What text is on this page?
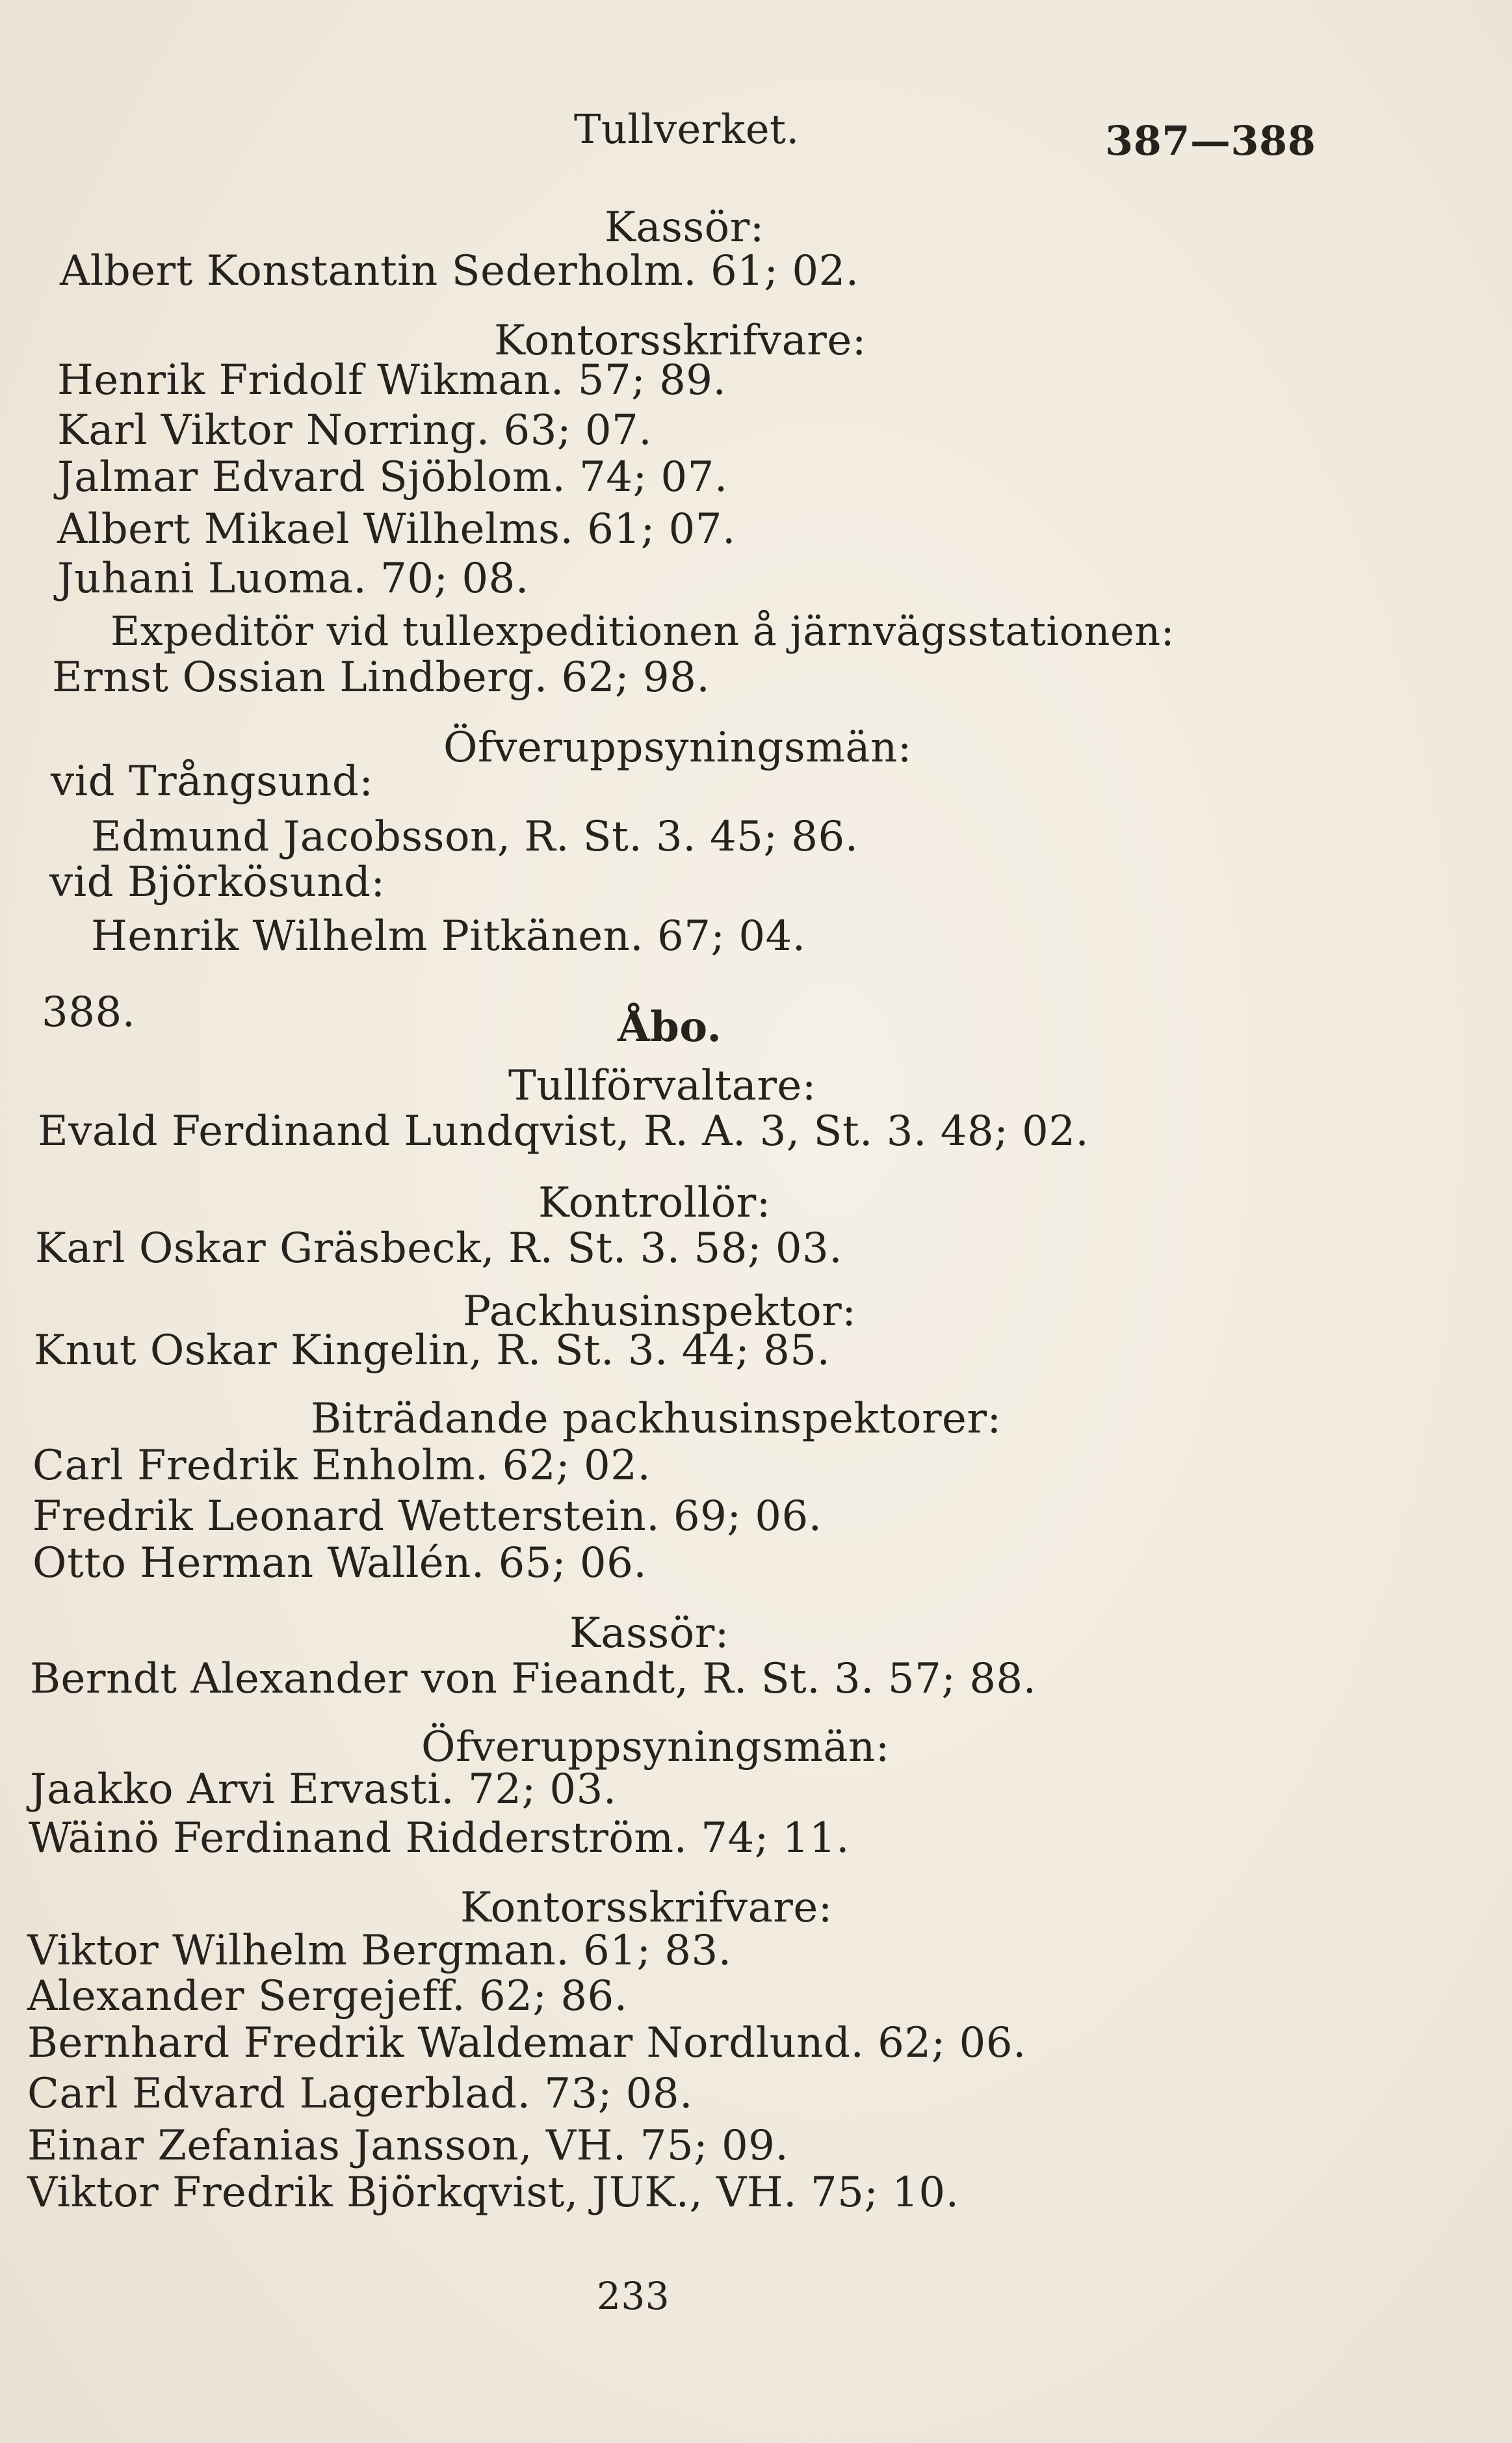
Tullverket.	387—388
Kassör:
Albert Konstantin Sederholm. 61; 02.
Kontorsskrifvare:
Henrik Fridolf Wikman. 57; 89.
Karl Viktor Norring. 63; 07.
Jalmar Edvard Sjöblom. 74; 07.
Albert Mikael Wilhelms. 61; 07.
Juhani Luoma. 70; 08.
Expeditör vid tullexpeditionen å järnvägsstationen:
Ernst Ossian Lindberg. 62; 98.
Öfveruppsyningsmän:
vid Trångsund:
Edmund Jacobsson, R. St. 3. 45; 86.
vid Björkösund:
Henrik Wilhelm Pitkänen. 67; 04.
388.	Åbo.
Tullförvaltare:
Evald Ferdinand Lundqvist, R. A. 3, St. 3. 48; 02.
Kontrollör:
Karl Oskar Gräsbeck, R. St. 3. 58; 03.
Packhusinspektor:
Knut Oskar Kingelin, R. St. 3. 44; 85.
Biträdande packhusinspektorer:
Carl Fredrik Enholm. 62; 02.
Fredrik Leonard Wetterstein. 69; 06.
Otto Herman Wallén. 65; 06.
Kassör:
Berndt Alexander von Fieandt, R. St. 3. 57; 88.
Öfveruppsyningsmän:
Jaakko Arvi Ervasti. 72; 03.
Wäinö Ferdinand Ridderström. 74; 11.
Kontorsskrifvare:
Viktor Wilhelm Bergman. 61; 83.
Alexander Sergejeff. 62; 86.
Bernhard Fredrik Waldemar Nordlund. 62; 06.
Carl Edvard Lagerblad. 73; 08.
Einar Zefanias Jansson, VH. 75; 09.
Viktor Fredrik Björkqvist, JUK., VH. 75; 10.
233
